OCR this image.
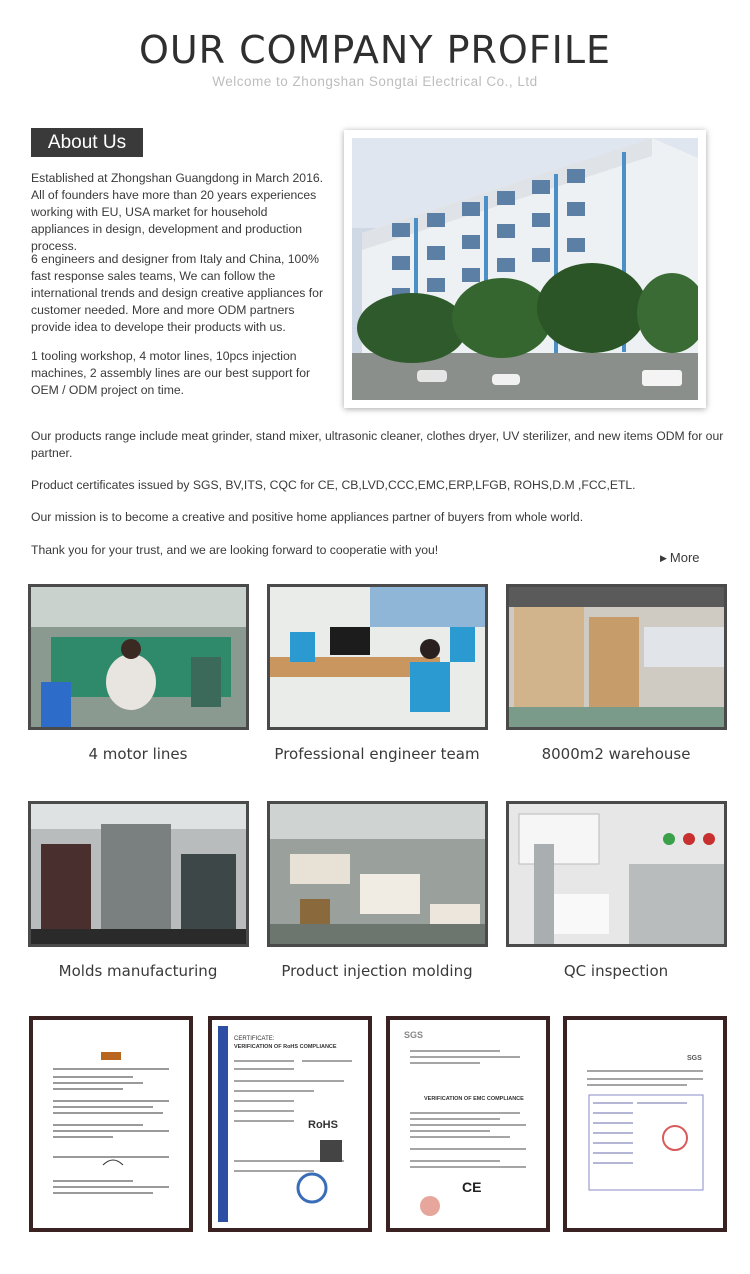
OUR COMPANY PROFILE
Welcome to Zhongshan Songtai Electrical Co., Ltd
About Us

Established at Zhongshan Guangdong in March 2016. All of founders have more than 20 years experiences working with EU, USA market for household appliances in design, development and production process.

6 engineers and designer from Italy and China, 100% fast response sales teams, We can follow the international trends and design creative appliances for customer needed. More and more ODM partners provide idea to develope their products with us.

1 tooling workshop, 4 motor lines, 10pcs injection machines, 2 assembly lines are our best support for OEM / ODM project on time.

Our products range include meat grinder, stand mixer, ultrasonic cleaner, clothes dryer, UV sterilizer, and new items ODM for our partner.

Product certificates issued by SGS, BV,ITS, CQC for CE, CB,LVD,CCC,EMC,ERP,LFGB, ROHS,D.M ,FCC,ETL.

Our mission is to become a creative and positive home appliances partner of buyers from whole world.

Thank you for your trust, and we are looking forward to cooperatie with you!

▶ More
4 motor lines	Professional engineer team	8000m2 warehouse
Molds manufacturing	Product injection molding	QC inspection
CERTIFICATE:
VERIFICATION OF RoHS COMPLIANCE
RoHS
SGS
VERIFICATION OF EMC COMPLIANCE
CE
SGS
